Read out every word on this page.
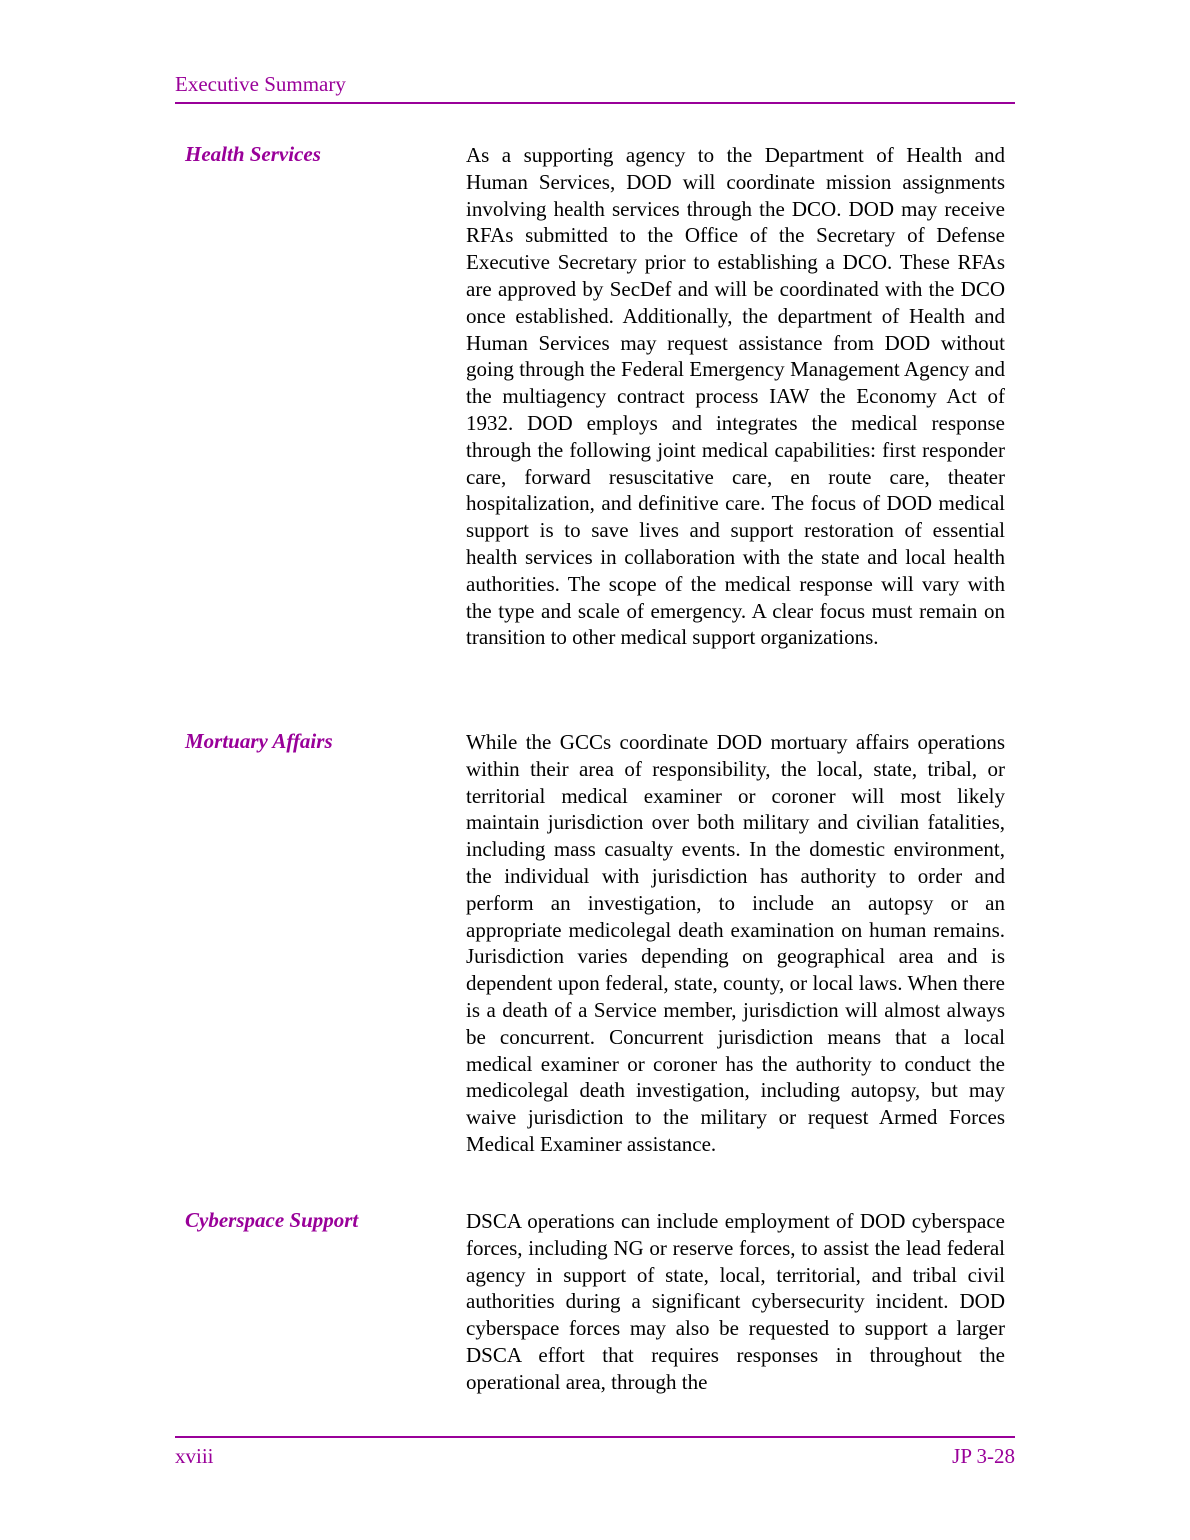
Executive Summary
Health Services	As a supporting agency to the Department of Health and Human Services, DOD will coordinate mission assignments involving health services through the DCO. DOD may receive RFAs submitted to the Office of the Secretary of Defense Executive Secretary prior to establishing a DCO. These RFAs are approved by SecDef and will be coordinated with the DCO once established. Additionally, the department of Health and Human Services may request assistance from DOD without going through the Federal Emergency Management Agency and the multiagency contract process IAW the Economy Act of 1932. DOD employs and integrates the medical response through the following joint medical capabilities: first responder care, forward resuscitative care, en route care, theater hospitalization, and definitive care. The focus of DOD medical support is to save lives and support restoration of essential health services in collaboration with the state and local health authorities. The scope of the medical response will vary with the type and scale of emergency. A clear focus must remain on transition to other medical support organizations.

Mortuary Affairs	While the GCCs coordinate DOD mortuary affairs operations within their area of responsibility, the local, state, tribal, or territorial medical examiner or coroner will most likely maintain jurisdiction over both military and civilian fatalities, including mass casualty events. In the domestic environment, the individual with jurisdiction has authority to order and perform an investigation, to include an autopsy or an appropriate medicolegal death examination on human remains. Jurisdiction varies depending on geographical area and is dependent upon federal, state, county, or local laws. When there is a death of a Service member, jurisdiction will almost always be concurrent. Concurrent jurisdiction means that a local medical examiner or coroner has the authority to conduct the medicolegal death investigation, including autopsy, but may waive jurisdiction to the military or request Armed Forces Medical Examiner assistance.

Cyberspace Support	DSCA operations can include employment of DOD cyberspace forces, including NG or reserve forces, to assist the lead federal agency in support of state, local, territorial, and tribal civil authorities during a significant cybersecurity incident. DOD cyberspace forces may also be requested to support a larger DSCA effort that requires responses in throughout the operational area, through the

xviii	JP 3-28
